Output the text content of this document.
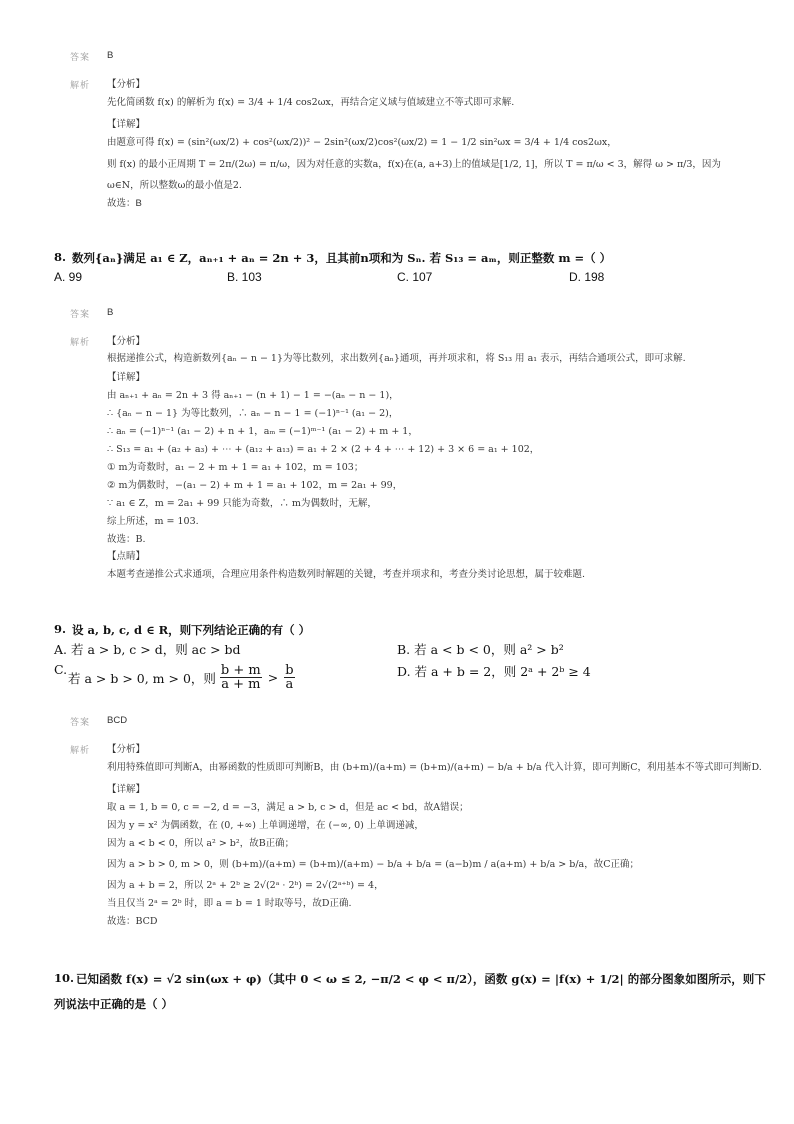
答案 B
解析 【分析】
先化简函数 f(x) 的解析为 f(x) = 3/4 + 1/4 cos2ωx，再结合定义域与值域建立不等式即可求解.
【详解】
由题意可得 f(x) = (sin²(ωx/2) + cos²(ωx/2))² − 2sin²(ωx/2)cos²(ωx/2) = 1 − 1/2 sin²ωx = 3/4 + 1/4 cos2ωx，
则 f(x) 的最小正周期 T = 2π/(2ω) = π/ω，因为对任意的实数a，f(x)在(a, a+3)上的值域是[1/2, 1]，所以 T = π/ω < 3，解得 ω > π/3，因为
ω∈N，所以整数ω的最小值是2.
故选：B
8. 数列{aₙ}满足 a₁ ∈ Z，aₙ₊₁ + aₙ = 2n + 3，且其前n项和为 Sₙ. 若 S₁₃ = aₘ，则正整数 m =（ ）
A. 99	B. 103	C. 107	D. 198
答案 B
解析 【分析】
根据递推公式，构造新数列{aₙ − n − 1}为等比数列，求出数列{aₙ}通项，再并项求和，将 S₁₃ 用 a₁ 表示，再结合通项公式，即可求解.
【详解】
由 aₙ₊₁ + aₙ = 2n + 3 得 aₙ₊₁ − (n + 1) − 1 = −(aₙ − n − 1)，
∴ {aₙ − n − 1} 为等比数列，∴ aₙ − n − 1 = (−1)ⁿ⁻¹ (a₁ − 2)，
∴ aₙ = (−1)ⁿ⁻¹ (a₁ − 2) + n + 1，aₘ = (−1)ᵐ⁻¹ (a₁ − 2) + m + 1，
∴ S₁₃ = a₁ + (a₂ + a₃) + ⋯ + (a₁₂ + a₁₃) = a₁ + 2 × (2 + 4 + ⋯ + 12) + 3 × 6 = a₁ + 102，
① m为奇数时，a₁ − 2 + m + 1 = a₁ + 102，m = 103；
② m为偶数时，−(a₁ − 2) + m + 1 = a₁ + 102，m = 2a₁ + 99，
∵ a₁ ∈ Z，m = 2a₁ + 99 只能为奇数，∴ m为偶数时，无解，
综上所述，m = 103.
故选：B.
【点睛】
本题考查递推公式求通项，合理应用条件构造数列时解题的关键，考查并项求和，考查分类讨论思想，属于较难题.
9. 设 a, b, c, d ∈ R，则下列结论正确的有（ ）
A. 若 a > b, c > d，则 ac > bd	B. 若 a < b < 0，则 a² > b²
C.
若 a > b > 0, m > 0，则 $\frac{b + m}{a + m} > \frac{b}{a}$	D. 若 a + b = 2，则 2ᵃ + 2ᵇ ≥ 4
答案 BCD
解析 【分析】
利用特殊值即可判断A，由幂函数的性质即可判断B，由 (b+m)/(a+m) = (b+m)/(a+m) − b/a + b/a 代入计算，即可判断C，利用基本不等式即可判断D.
【详解】
取 a = 1, b = 0, c = −2, d = −3，满足 a > b, c > d，但是 ac < bd，故A错误；
因为 y = x² 为偶函数，在 (0, +∞) 上单调递增，在 (−∞, 0) 上单调递减，
因为 a < b < 0，所以 a² > b²，故B正确；
因为 a > b > 0, m > 0，则 (b+m)/(a+m) = (b+m)/(a+m) − b/a + b/a = (a−b)m / a(a+m) + b/a > b/a，故C正确；
因为 a + b = 2，所以 2ᵃ + 2ᵇ ≥ 2√(2ᵃ · 2ᵇ) = 2√(2ᵃ⁺ᵇ) = 4，
当且仅当 2ᵃ = 2ᵇ 时，即 a = b = 1 时取等号，故D正确.
故选：BCD
10. 已知函数 f(x) = √2 sin(ωx + φ)（其中 0 < ω ≤ 2, −π/2 < φ < π/2），函数 g(x) = |f(x) + 1/2| 的部分图象如图所示，则下
列说法中正确的是（ ）
